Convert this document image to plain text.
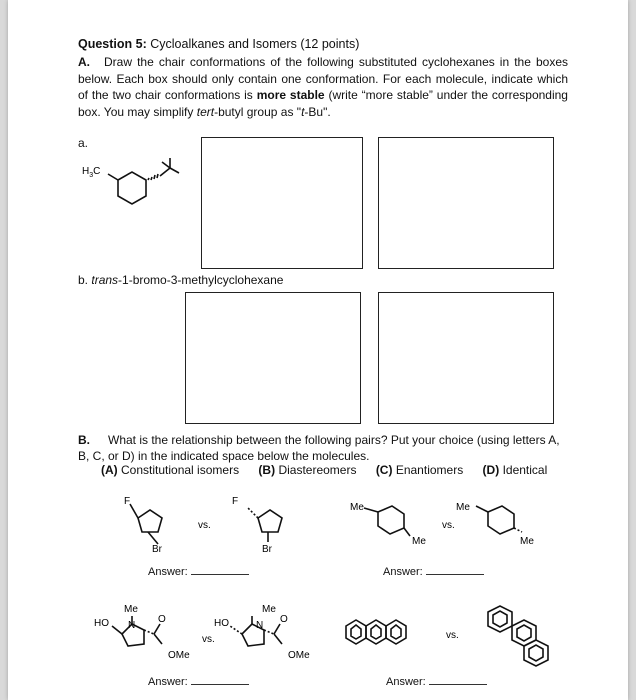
Question 5: Cycloalkanes and Isomers (12 points)
A. Draw the chair conformations of the following substituted cyclohexanes in the boxes below. Each box should only contain one conformation. For each molecule, indicate which of the two chair conformations is more stable (write “more stable” under the corresponding box. You may simplify tert-butyl group as "t-Bu".
a.
$H_3C$
b. trans-1-bromo-3-methylcyclohexane
B. What is the relationship between the following pairs? Put your choice (using letters A, B, C, or D) in the indicated space below the molecules.
(A) Constitutional isomers (B) Diastereomers (C) Enantiomers (D) Identical
F
Br
vs.
F
Br
Me
Me
vs.
Me
Me
Answer:	Answer:
Me
HO N
O
OMe
vs.
Me
HO	N
O
OMe
vs.
Answer:	Answer:
